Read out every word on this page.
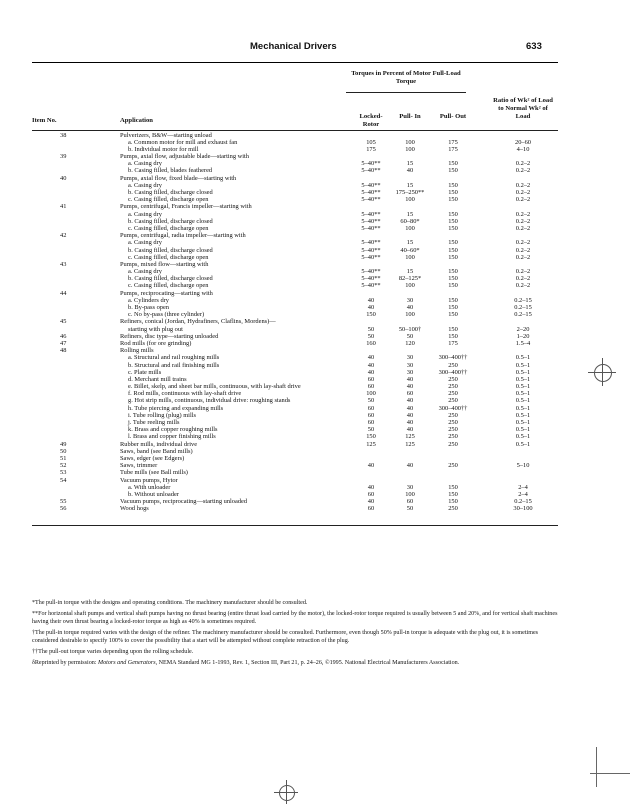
Mechanical Drivers	633
Torques in Percent of Motor Full-Load Torque
Item No.	Application
Locked- Rotor
Pull- In	Pull- Out
Ratio of Wk² of Load to Normal Wk² of Load
38	Pulverizers, B&W—starting unload
a. Common motor for mill and exhaust fan	105	100	175	20–60
b. Individual motor for mill	175	100	175	4–10
39	Pumps, axial flow, adjustable blade—starting with
a. Casing dry	5–40**	15	150	0.2–2
b. Casing filled, blades feathered	5–40**	40	150	0.2–2
40	Pumps, axial flow, fixed blade—starting with
a. Casing dry	5–40**	15	150	0.2–2
b. Casing filled, discharge closed	5–40**	175–250**	150	0.2–2
c. Casing filled, discharge open	5–40**	100	150	0.2–2
41	Pumps, centrifugal, Francis impeller—starting with
a. Casing dry	5–40**	15	150	0.2–2
b. Casing filled, discharge closed	5–40**	60–80*	150	0.2–2
c. Casing filled, discharge open	5–40**	100	150	0.2–2
42	Pumps, centrifugal, radia impeller—starting with
a. Casing dry	5–40**	15	150	0.2–2
b. Casing filled, discharge closed	5–40**	40–60*	150	0.2–2
c. Casing filled, discharge open	5–40**	100	150	0.2–2
43	Pumps, mixed flow—starting with
a. Casing dry	5–40**	15	150	0.2–2
b. Casing filled, discharge closed	5–40**	82–125*	150	0.2–2
c. Casing filled, discharge open	5–40**	100	150	0.2–2
44	Pumps, reciprocating—starting with
a. Cylinders dry	40	30	150	0.2–15
b. By-pass open	40	40	150	0.2–15
c. No by-pass (three cylinder)	150	100	150	0.2–15
45	Refiners, conical (Jordan, Hydrafiners, Claflins, Mordens)—
starting with plug out	50	50–100†	150	2–20
46	Refiners, disc type—starting unloaded	50	50	150	1–20
47	Rod mills (for ore grinding)	160	120	175	1.5–4
48	Rolling mills
a. Structural and rail roughing mills	40	30	300–400††	0.5–1
b. Structural and rail finishing mills	40	30	250	0.5–1
c. Plate mills	40	30	300–400††	0.5–1
d. Merchant mill trains	60	40	250	0.5–1
e. Billet, skelp, and sheet bar mills, continuous, with lay-shaft drive	60	40	250	0.5–1
f. Rod mills, continuous with lay-shaft drive	100	60	250	0.5–1
g. Hot strip mills, continuous, individual drive: roughing stands	50	40	250	0.5–1
h. Tube piercing and expanding mills	60	40	300–400††	0.5–1
i. Tube rolling (plug) mills	60	40	250	0.5–1
j. Tube reeling mills	60	40	250	0.5–1
k. Brass and copper roughing mills	50	40	250	0.5–1
l. Brass and copper finishing mills	150	125	250	0.5–1
49	Rubber mills, individual drive	125	125	250	0.5–1
50	Saws, band (see Band mills)
51	Saws, edger (see Edgers)
52	Saws, trimmer	40	40	250	5–10
53	Tube mills (see Ball mills)
54	Vacuum pumps, Hytor
a. With unloader	40	30	150	2–4
b. Without unloader	60	100	150	2–4
55	Vacuum pumps, reciprocating—starting unloaded	40	60	150	0.2–15
56	Wood hogs	60	50	250	30–100

*The pull-in torque with the designs and operating conditions. The machinery manufacturer should be consulted.

**For horizontal shaft pumps and vertical shaft pumps having no thrust bearing (entire thrust load carried by the motor), the locked-rotor torque required is usually between 5 and 20%, and for vertical shaft machines having their own thrust bearing a locked-rotor torque as high as 40% is sometimes required.

†The pull-in torque required varies with the design of the refiner. The machinery manufacturer should be consulted. Furthermore, even though 50% pull-in torque is adequate with the plug out, it is sometimes considered desirable to specify 100% to cover the possibility that a start will be attempted without complete retraction of the plug.

††The pull-out torque varies depending upon the rolling schedule.

δReprinted by permission: Motors and Generators, NEMA Standard MG 1-1993, Rev. 1, Section III, Part 21, p. 24–26, ©1995. National Electrical Manufacturers Association.
